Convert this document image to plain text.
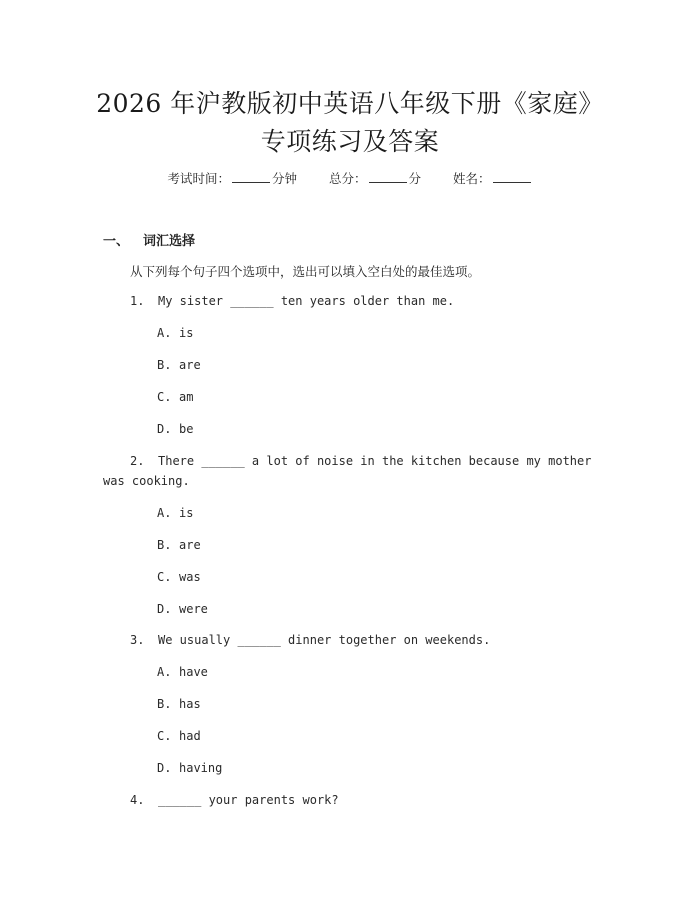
2026 年沪教版初中英语八年级下册《家庭》
专项练习及答案
考试时间：	分钟	总分：	分	姓名：
一、 词汇选择
从下列每个句子四个选项中，选出可以填入空白处的最佳选项。
1. My sister ______ ten years older than me.
A. is
B. are
C. am
D. be
2. There ______ a lot of noise in the kitchen because my mother was cooking.
A. is
B. are
C. was
D. were
3. We usually ______ dinner together on weekends.
A. have
B. has
C. had
D. having
4. ______ your parents work?
